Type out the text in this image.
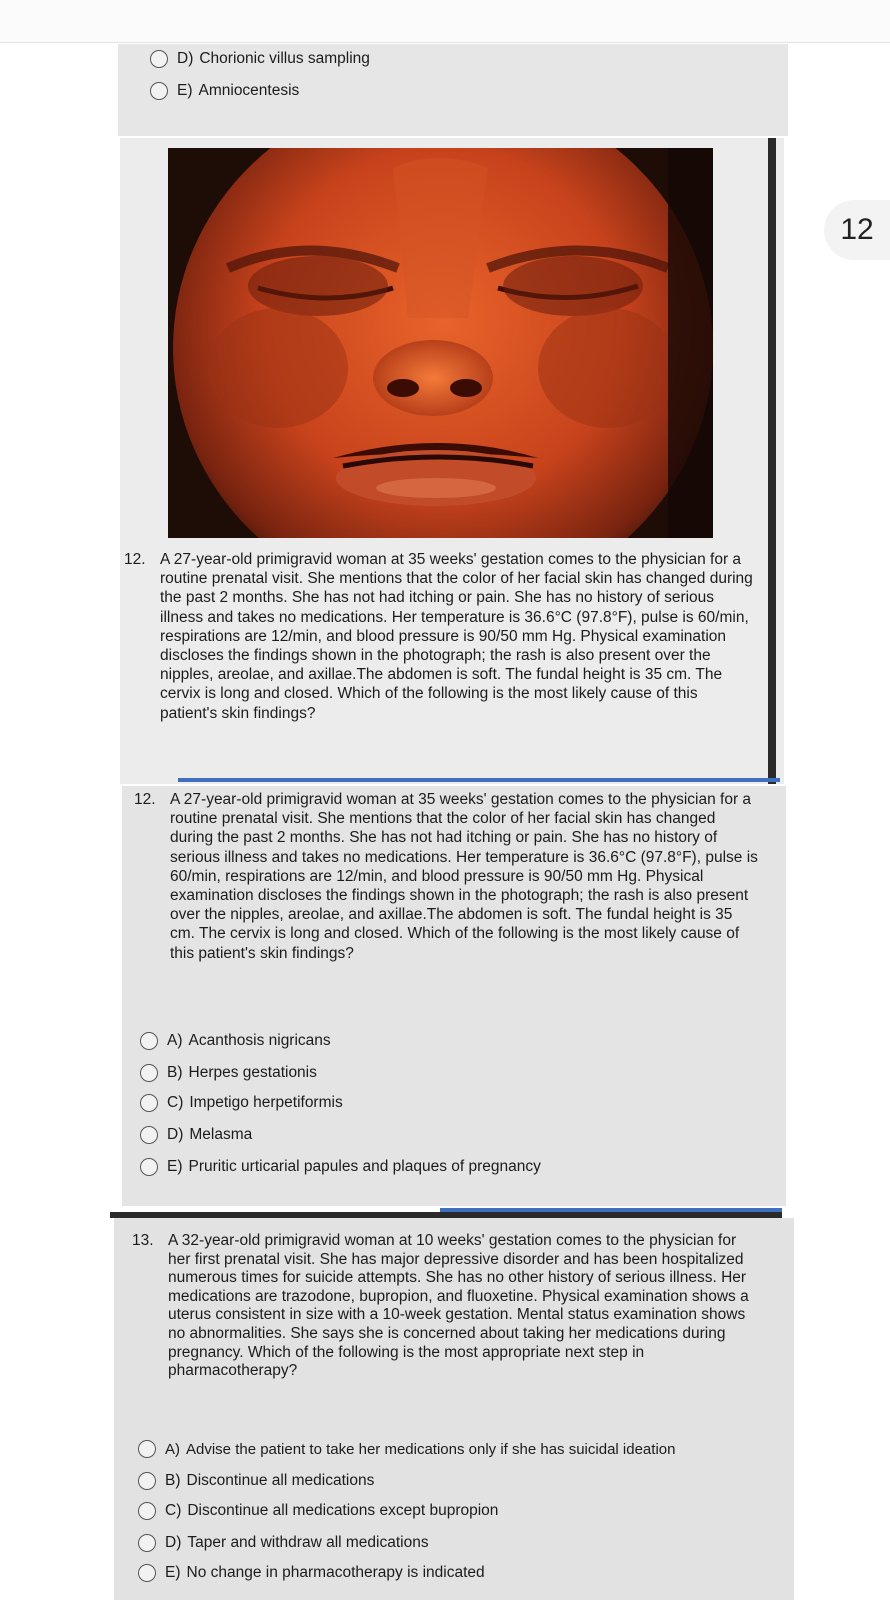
12
D) Chorionic villus sampling
E) Amniocentesis
12. A 27-year-old primigravid woman at 35 weeks' gestation comes to the physician for a routine prenatal visit. She mentions that the color of her facial skin has changed during the past 2 months. She has not had itching or pain. She has no history of serious illness and takes no medications. Her temperature is 36.6°C (97.8°F), pulse is 60/min, respirations are 12/min, and blood pressure is 90/50 mm Hg. Physical examination discloses the findings shown in the photograph; the rash is also present over the nipples, areolae, and axillae.The abdomen is soft. The fundal height is 35 cm. The cervix is long and closed. Which of the following is the most likely cause of this patient's skin findings?
12. A 27-year-old primigravid woman at 35 weeks' gestation comes to the physician for a routine prenatal visit. She mentions that the color of her facial skin has changed during the past 2 months. She has not had itching or pain. She has no history of serious illness and takes no medications. Her temperature is 36.6°C (97.8°F), pulse is 60/min, respirations are 12/min, and blood pressure is 90/50 mm Hg. Physical examination discloses the findings shown in the photograph; the rash is also present over the nipples, areolae, and axillae.The abdomen is soft. The fundal height is 35 cm. The cervix is long and closed. Which of the following is the most likely cause of this patient's skin findings?
A) Acanthosis nigricans
B) Herpes gestationis
C) Impetigo herpetiformis
D) Melasma
E) Pruritic urticarial papules and plaques of pregnancy
13. A 32-year-old primigravid woman at 10 weeks' gestation comes to the physician for her first prenatal visit. She has major depressive disorder and has been hospitalized numerous times for suicide attempts. She has no other history of serious illness. Her medications are trazodone, bupropion, and fluoxetine. Physical examination shows a uterus consistent in size with a 10-week gestation. Mental status examination shows no abnormalities. She says she is concerned about taking her medications during pregnancy. Which of the following is the most appropriate next step in pharmacotherapy?
A) Advise the patient to take her medications only if she has suicidal ideation
B) Discontinue all medications
C) Discontinue all medications except bupropion
D) Taper and withdraw all medications
E) No change in pharmacotherapy is indicated
